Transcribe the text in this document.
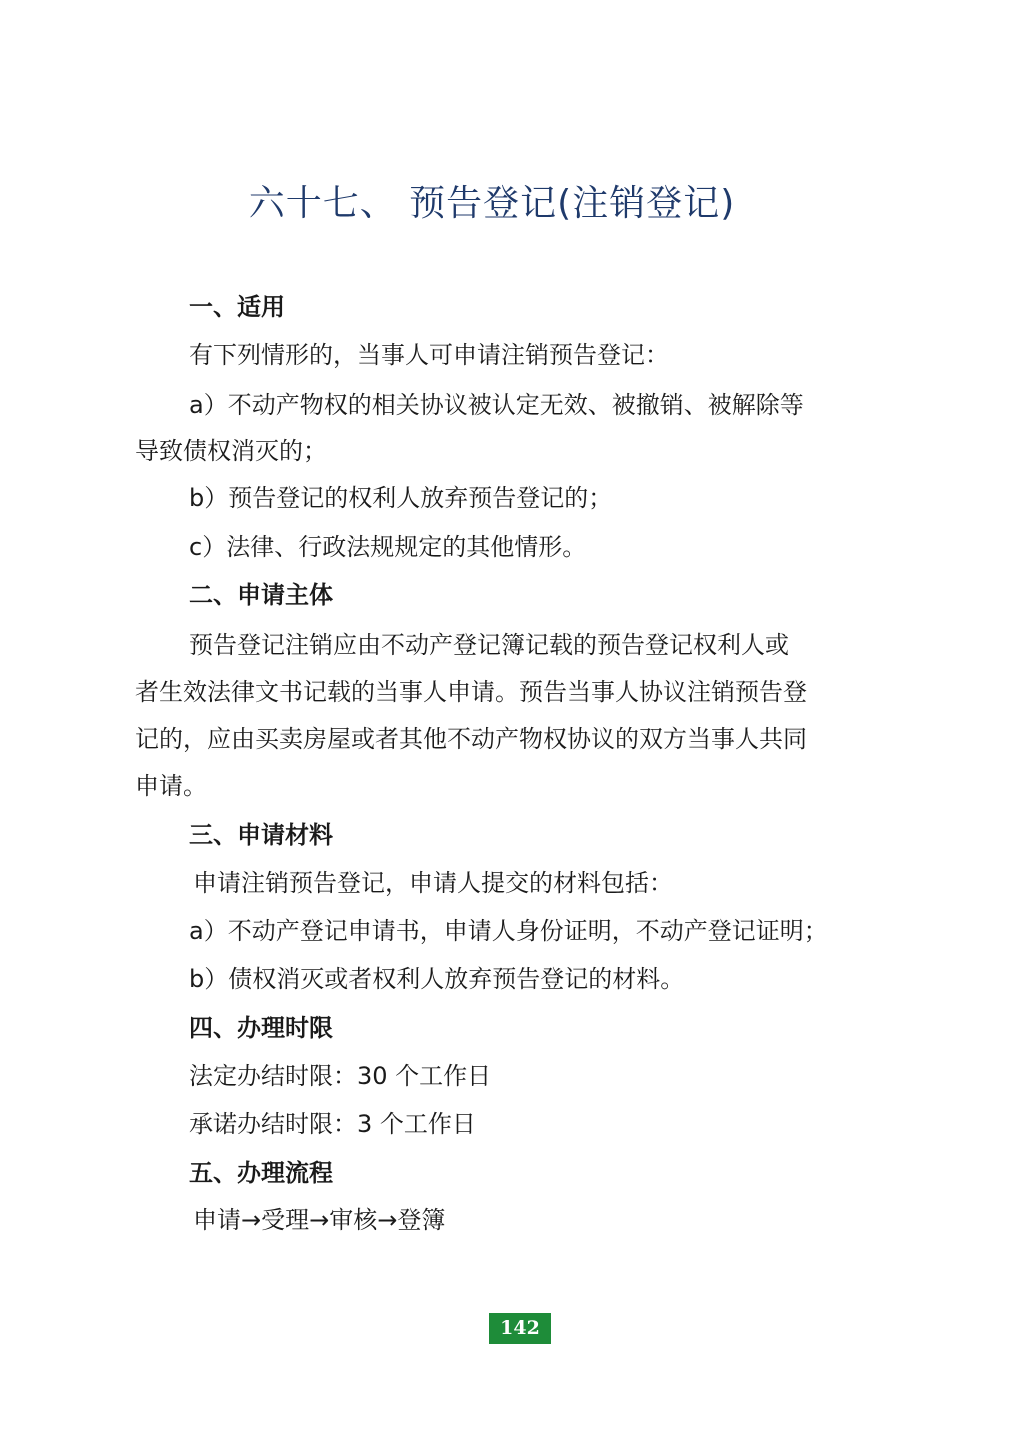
六十七、 预告登记(注销登记)
一、适用
有下列情形的，当事人可申请注销预告登记：
a）不动产物权的相关协议被认定无效、被撤销、被解除等
导致债权消灭的；
b）预告登记的权利人放弃预告登记的；
c）法律、行政法规规定的其他情形。
二、申请主体
预告登记注销应由不动产登记簿记载的预告登记权利人或
者生效法律文书记载的当事人申请。预告当事人协议注销预告登
记的，应由买卖房屋或者其他不动产物权协议的双方当事人共同
申请。
三、申请材料
申请注销预告登记，申请人提交的材料包括：
a）不动产登记申请书，申请人身份证明，不动产登记证明；
b）债权消灭或者权利人放弃预告登记的材料。
四、办理时限
法定办结时限：30 个工作日
承诺办结时限：3 个工作日
五、办理流程
申请→受理→审核→登簿
142
